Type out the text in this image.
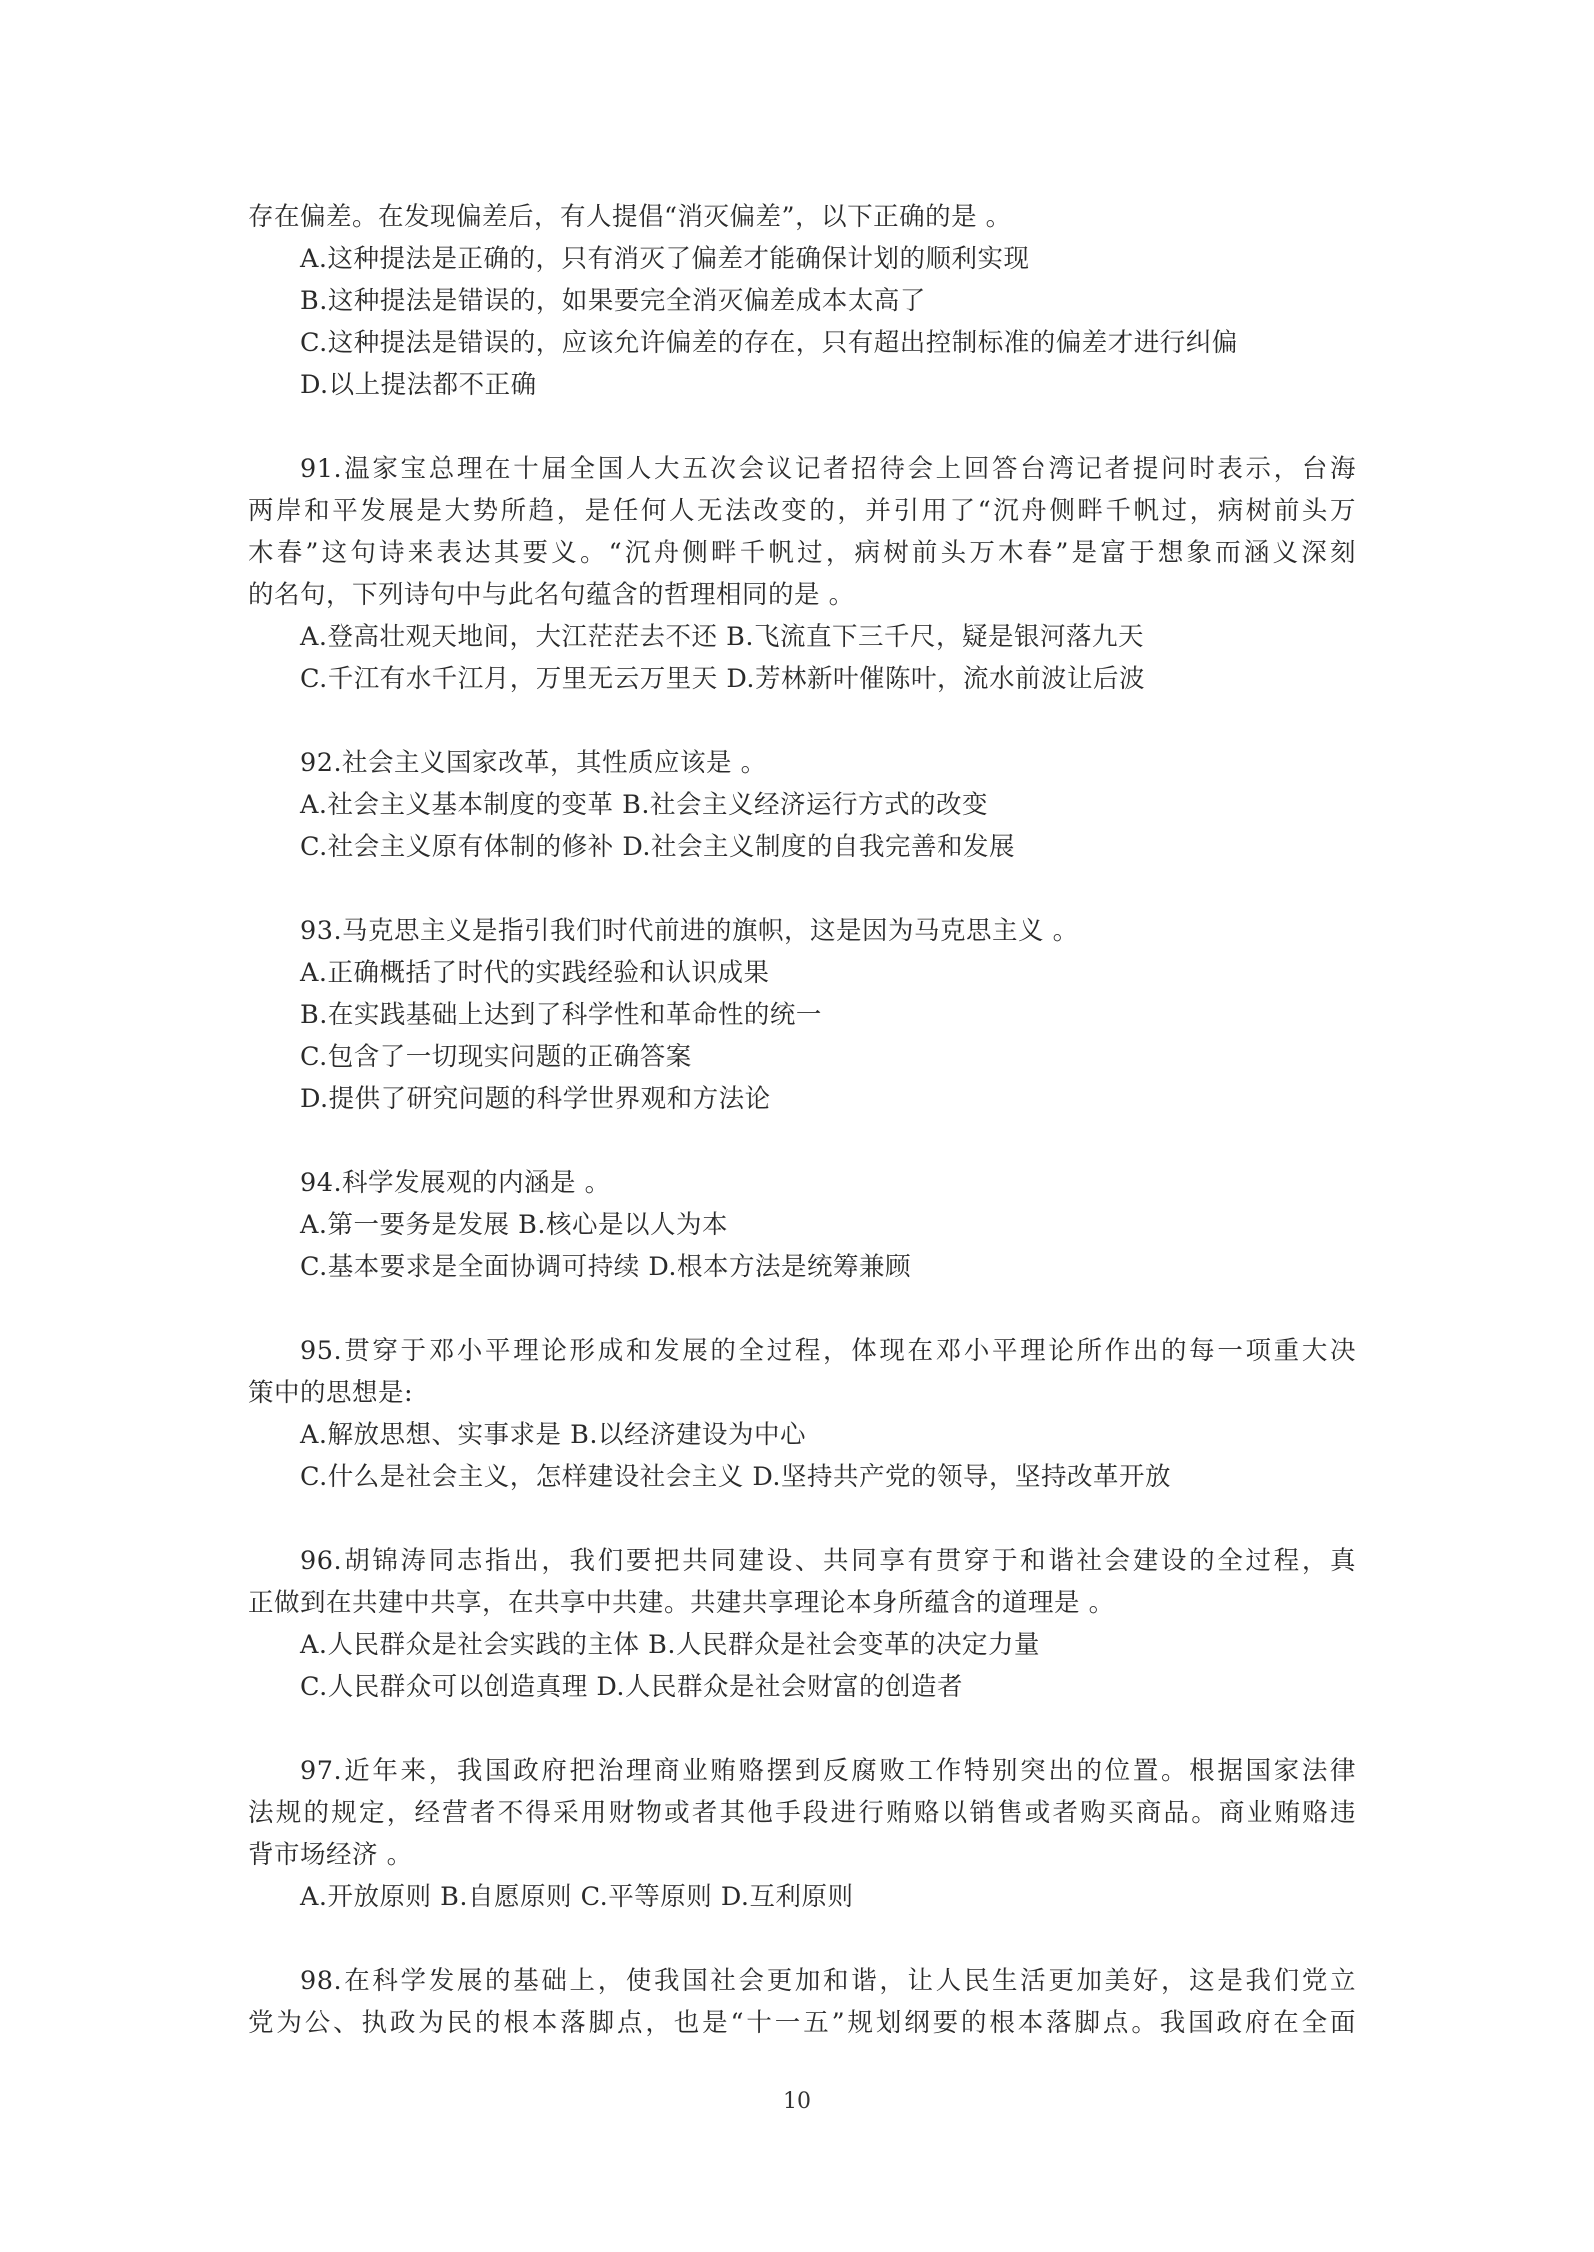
存在偏差。在发现偏差后，有人提倡“消灭偏差”，以下正确的是 。
A.这种提法是正确的，只有消灭了偏差才能确保计划的顺利实现
B.这种提法是错误的，如果要完全消灭偏差成本太高了
C.这种提法是错误的，应该允许偏差的存在，只有超出控制标准的偏差才进行纠偏
D.以上提法都不正确
91.温家宝总理在十届全国人大五次会议记者招待会上回答台湾记者提问时表示，台海
两岸和平发展是大势所趋，是任何人无法改变的，并引用了“沉舟侧畔千帆过，病树前头万
木春”这句诗来表达其要义。“沉舟侧畔千帆过，病树前头万木春”是富于想象而涵义深刻
的名句，下列诗句中与此名句蕴含的哲理相同的是 。
A.登高壮观天地间，大江茫茫去不还 B.飞流直下三千尺，疑是银河落九天
C.千江有水千江月，万里无云万里天 D.芳林新叶催陈叶，流水前波让后波
92.社会主义国家改革，其性质应该是 。
A.社会主义基本制度的变革 B.社会主义经济运行方式的改变
C.社会主义原有体制的修补 D.社会主义制度的自我完善和发展
93.马克思主义是指引我们时代前进的旗帜，这是因为马克思主义 。
A.正确概括了时代的实践经验和认识成果
B.在实践基础上达到了科学性和革命性的统一
C.包含了一切现实问题的正确答案
D.提供了研究问题的科学世界观和方法论
94.科学发展观的内涵是 。
A.第一要务是发展 B.核心是以人为本
C.基本要求是全面协调可持续 D.根本方法是统筹兼顾
95.贯穿于邓小平理论形成和发展的全过程，体现在邓小平理论所作出的每一项重大决
策中的思想是:
A.解放思想、实事求是 B.以经济建设为中心
C.什么是社会主义，怎样建设社会主义 D.坚持共产党的领导，坚持改革开放
96.胡锦涛同志指出，我们要把共同建设、共同享有贯穿于和谐社会建设的全过程，真
正做到在共建中共享，在共享中共建。共建共享理论本身所蕴含的道理是 。
A.人民群众是社会实践的主体 B.人民群众是社会变革的决定力量
C.人民群众可以创造真理 D.人民群众是社会财富的创造者
97.近年来，我国政府把治理商业贿赂摆到反腐败工作特别突出的位置。根据国家法律
法规的规定，经营者不得采用财物或者其他手段进行贿赂以销售或者购买商品。商业贿赂违
背市场经济 。
A.开放原则 B.自愿原则 C.平等原则 D.互利原则
98.在科学发展的基础上，使我国社会更加和谐，让人民生活更加美好，这是我们党立
党为公、执政为民的根本落脚点，也是“十一五”规划纲要的根本落脚点。我国政府在全面
10
